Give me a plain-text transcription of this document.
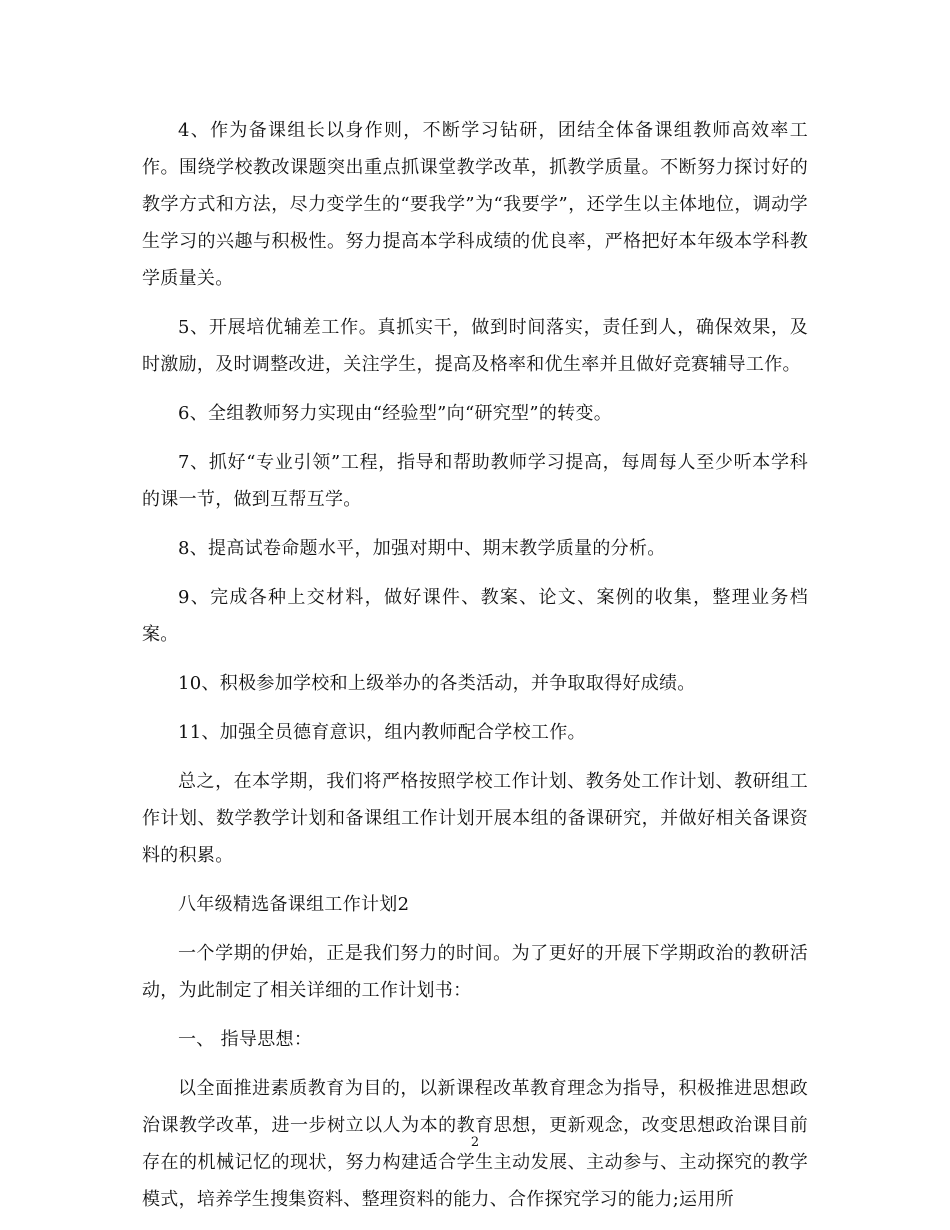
4、作为备课组长以身作则，不断学习钻研，团结全体备课组教师高效率工作。围绕学校教改课题突出重点抓课堂教学改革，抓教学质量。不断努力探讨好的教学方式和方法，尽力变学生的“要我学”为“我要学”，还学生以主体地位，调动学生学习的兴趣与积极性。努力提高本学科成绩的优良率，严格把好本年级本学科教学质量关。

5、开展培优辅差工作。真抓实干，做到时间落实，责任到人，确保效果，及时激励，及时调整改进，关注学生，提高及格率和优生率并且做好竞赛辅导工作。

6、全组教师努力实现由“经验型”向“研究型”的转变。

7、抓好“专业引领”工程，指导和帮助教师学习提高，每周每人至少听本学科的课一节，做到互帮互学。

8、提高试卷命题水平，加强对期中、期末教学质量的分析。

9、完成各种上交材料，做好课件、教案、论文、案例的收集，整理业务档案。

10、积极参加学校和上级举办的各类活动，并争取取得好成绩。

11、加强全员德育意识，组内教师配合学校工作。

总之，在本学期，我们将严格按照学校工作计划、教务处工作计划、教研组工作计划、数学教学计划和备课组工作计划开展本组的备课研究，并做好相关备课资料的积累。

八年级精选备课组工作计划2

一个学期的伊始，正是我们努力的时间。为了更好的开展下学期政治的教研活动，为此制定了相关详细的工作计划书：

一、 指导思想：

以全面推进素质教育为目的，以新课程改革教育理念为指导，积极推进思想政治课教学改革，进一步树立以人为本的教育思想，更新观念，改变思想政治课目前存在的机械记忆的现状，努力构建适合学生主动发展、主动参与、主动探究的教学模式，培养学生搜集资料、整理资料的能力、合作探究学习的能力;运用所

2
